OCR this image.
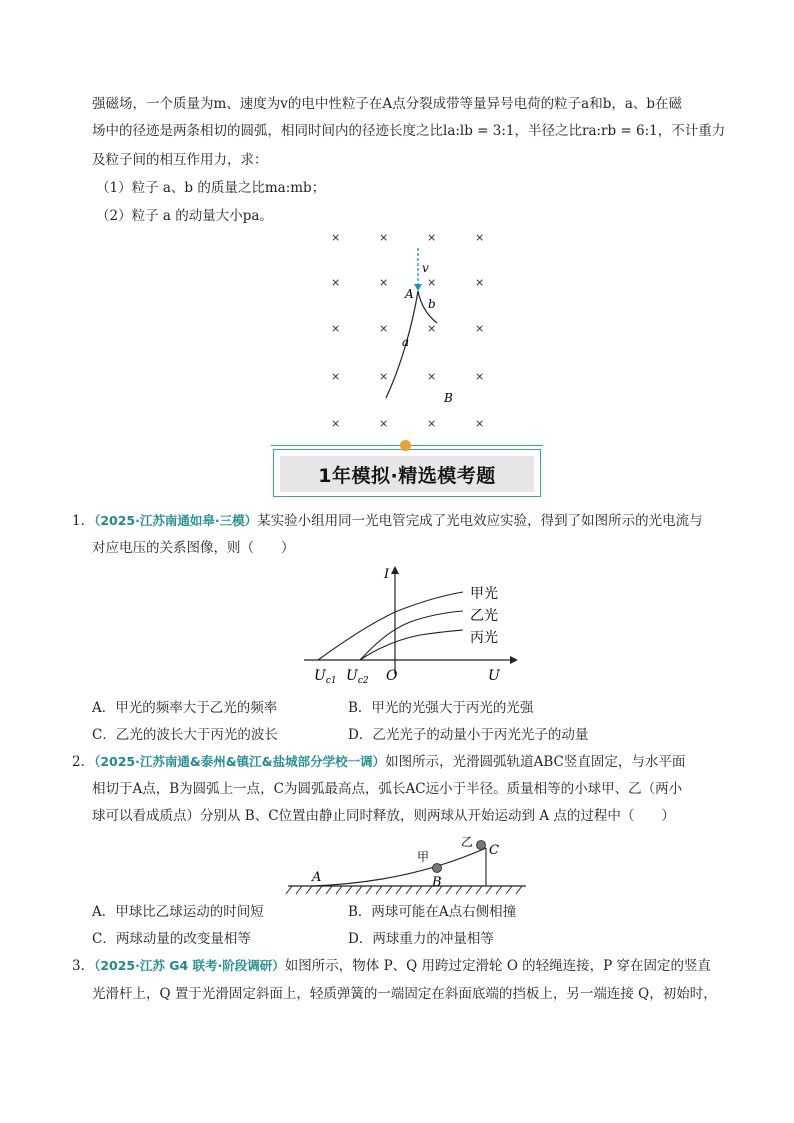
强磁场，一个质量为m、速度为v的电中性粒子在A点分裂成带等量异号电荷的粒子a和b，a、b在磁
场中的径迹是两条相切的圆弧，相同时间内的径迹长度之比la:lb = 3:1，半径之比ra:rb = 6:1，不计重力
及粒子间的相互作用力，求：
（1）粒子 a、b 的质量之比ma:mb；
（2）粒子 a 的动量大小pa。
×	×	×	×
×	×	×	×
×	×	×	×
×	×	×	×
×	×	×	×
v
A
b
a
B
1年模拟·精选模考题
1．（2025·江苏南通如皋·三模）某实验小组用同一光电管完成了光电效应实验，得到了如图所示的光电流与
对应电压的关系图像，则（　　）
I
U
O
$U_{c1}$ $U_{c2}$
甲光
乙光
丙光
A．甲光的频率大于乙光的频率	B．甲光的光强大于丙光的光强
C．乙光的波长大于丙光的波长	D．乙光光子的动量小于丙光光子的动量
2．（2025·江苏南通&泰州&镇江&盐城部分学校一调）如图所示，光滑圆弧轨道ABC竖直固定，与水平面
相切于A点，B为圆弧上一点，C为圆弧最高点，弧长AC远小于半径。质量相等的小球甲、乙（两小
球可以看成质点）分别从 B、C位置由静止同时释放，则两球从开始运动到 A 点的过程中（　　）
A	B
C
甲
乙
A．甲球比乙球运动的时间短	B．两球可能在A点右侧相撞
C．两球动量的改变量相等	D．两球重力的冲量相等
3．（2025·江苏 G4 联考·阶段调研）如图所示，物体 P、Q 用跨过定滑轮 O 的轻绳连接，P 穿在固定的竖直
光滑杆上，Q 置于光滑固定斜面上，轻质弹簧的一端固定在斜面底端的挡板上，另一端连接 Q，初始时，
